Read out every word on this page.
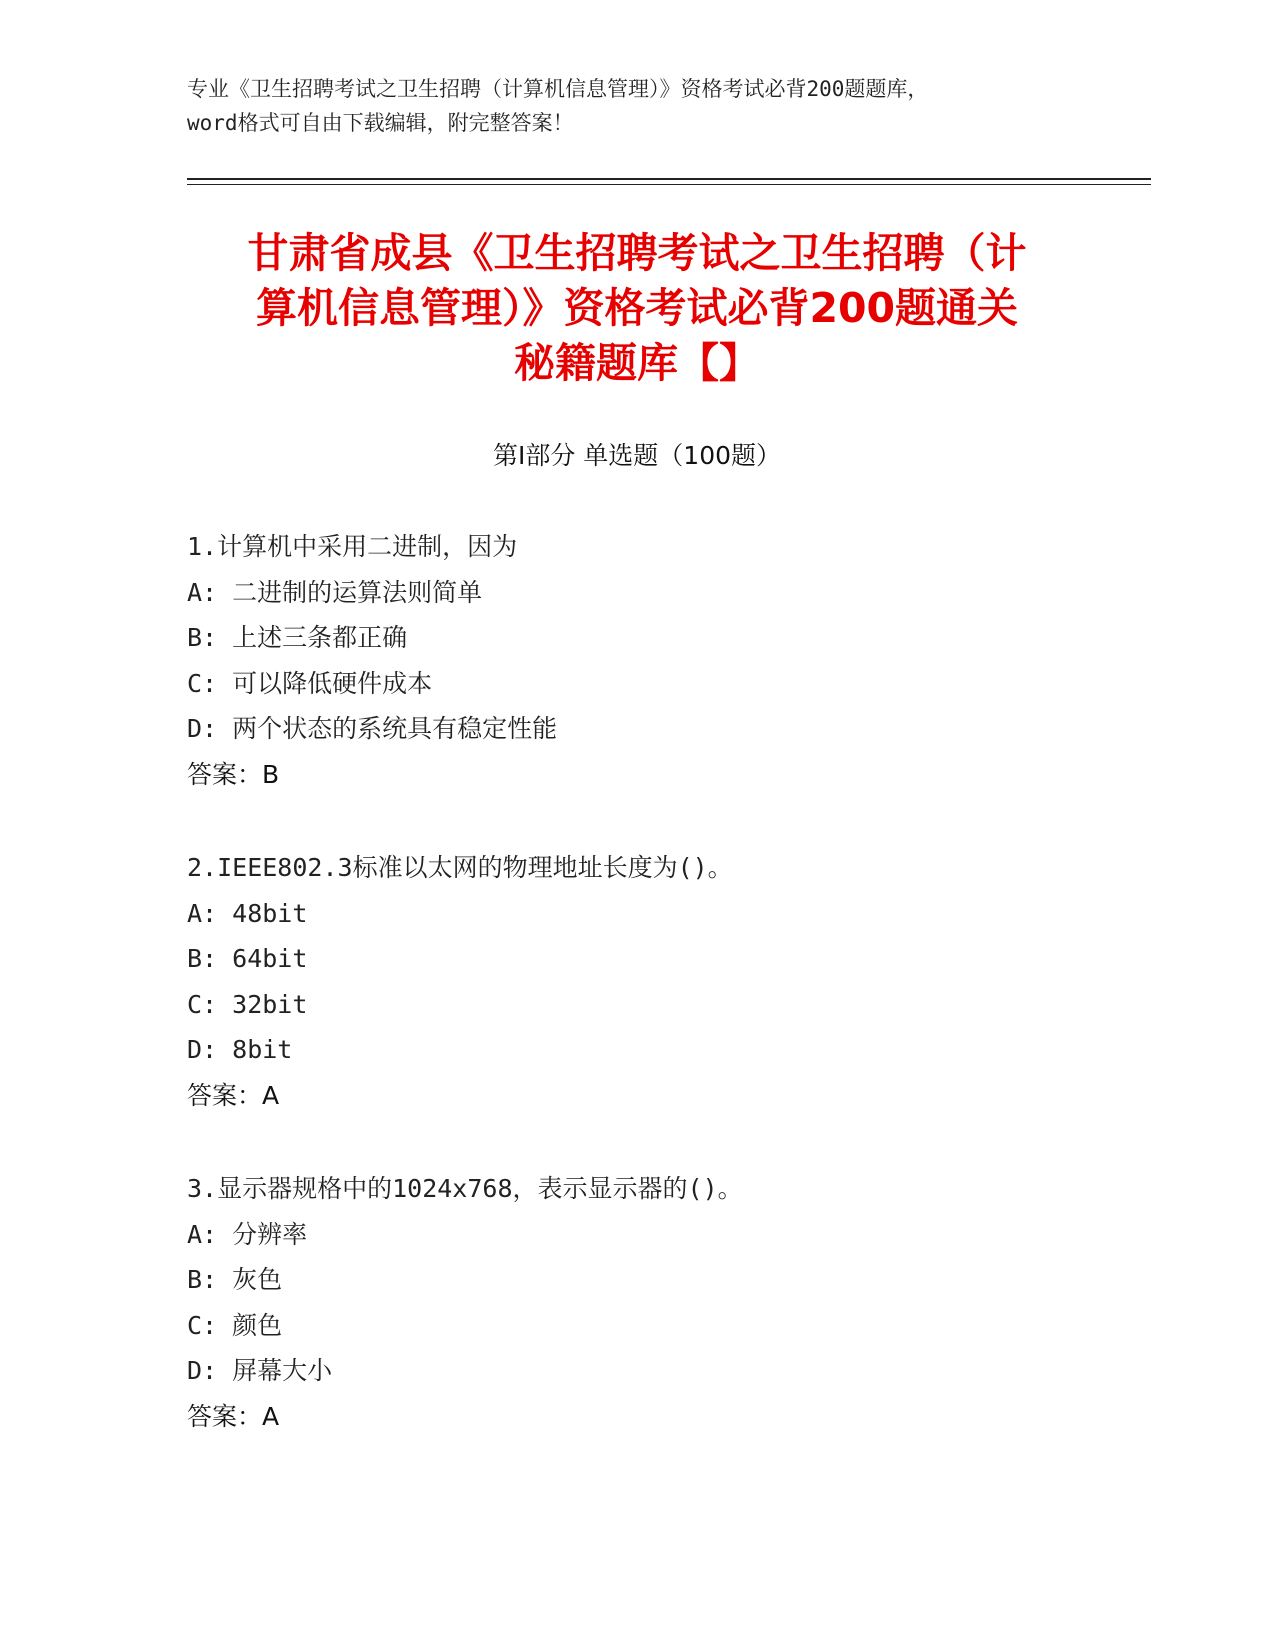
专业《卫生招聘考试之卫生招聘（计算机信息管理）》资格考试必背200题题库，
word格式可自由下载编辑，附完整答案！
甘肃省成县《卫生招聘考试之卫生招聘（计
算机信息管理）》资格考试必背200题通关
秘籍题库【】
第Ⅰ部分 单选题（100题）
1.计算机中采用二进制，因为
A: 二进制的运算法则简单
B: 上述三条都正确
C: 可以降低硬件成本
D: 两个状态的系统具有稳定性能
答案：B
2.IEEE802.3标准以太网的物理地址长度为()。
A: 48bit
B: 64bit
C: 32bit
D: 8bit
答案：A
3.显示器规格中的1024x768，表示显示器的()。
A: 分辨率
B: 灰色
C: 颜色
D: 屏幕大小
答案：A
